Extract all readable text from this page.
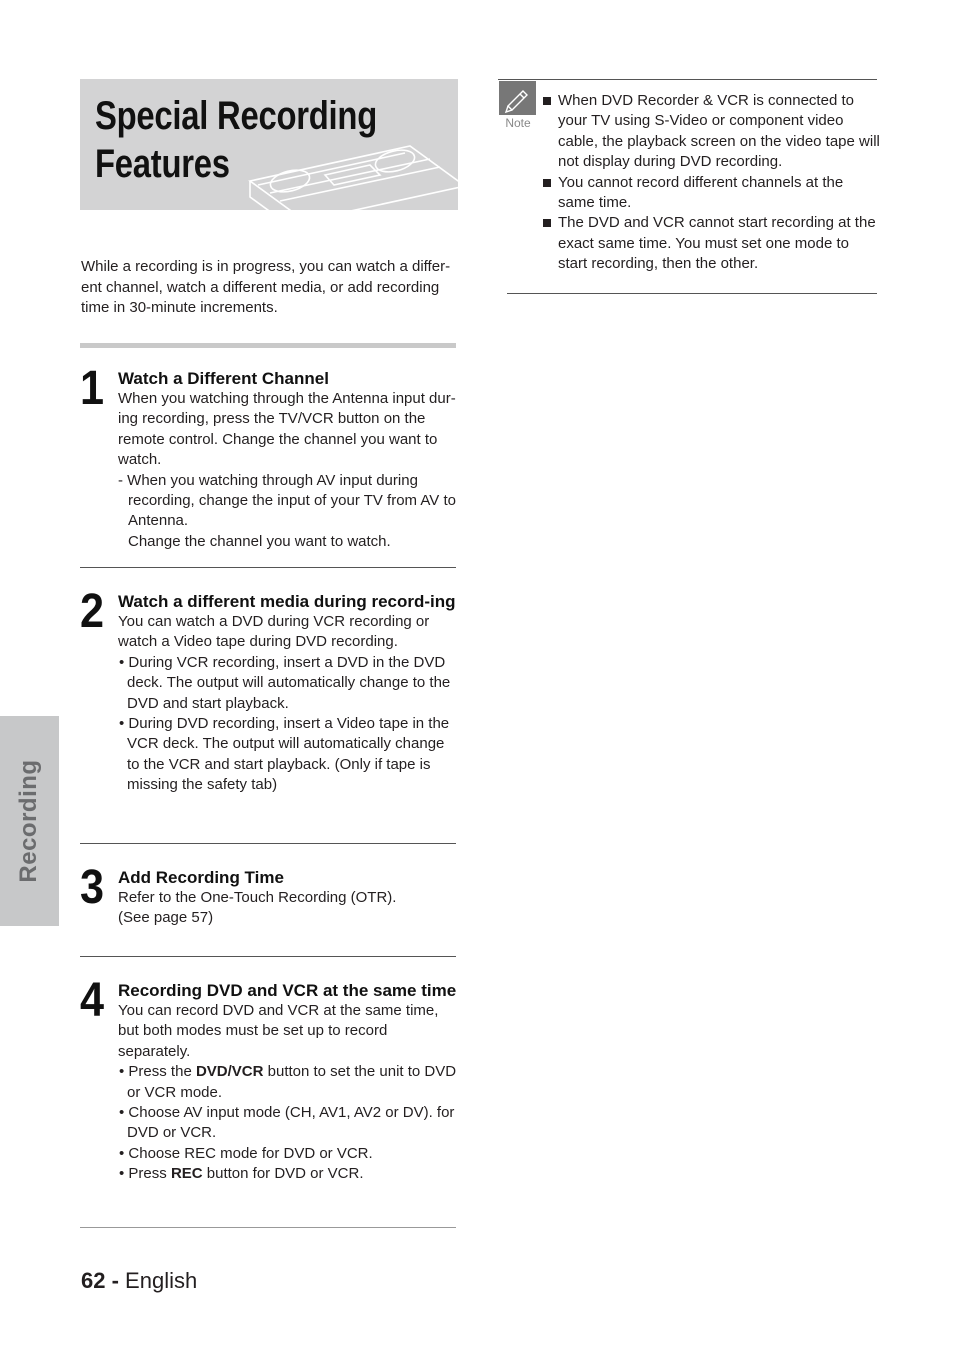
Special Recording
Features

While a recording is in progress, you can watch a differ-ent channel, watch a different media, or add recording time in 30-minute increments.

1 Watch a Different Channel

When you watching through the Antenna input dur-ing recording, press the TV/VCR button on the remote control. Change the channel you want to watch.

- When you watching through AV input during recording, change the input of your TV from AV to Antenna.

Change the channel you want to watch.

2 Watch a different media during record-ing

You can watch a DVD during VCR recording or watch a Video tape during DVD recording.

• During VCR recording, insert a DVD in the DVD deck. The output will automatically change to the DVD and start playback.

• During DVD recording, insert a Video tape in the VCR deck. The output will automatically change to the VCR and start playback. (Only if tape is missing the safety tab)

3 Add Recording Time

Refer to the One-Touch Recording (OTR).

(See page 57)

4 Recording DVD and VCR at the same time

You can record DVD and VCR at the same time, but both modes must be set up to record separately.

• Press the DVD/VCR button to set the unit to DVD or VCR mode.

• Choose AV input mode (CH, AV1, AV2 or DV). for DVD or VCR.

• Choose REC mode for DVD or VCR.

• Press REC button for DVD or VCR.

Note
When DVD Recorder & VCR is connected to your TV using S-Video or component video cable, the playback screen on the video tape will not display during DVD recording.
You cannot record different channels at the same time.
The DVD and VCR cannot start recording at the exact same time. You must set one mode to start recording, then the other.
Recording
62 - English
